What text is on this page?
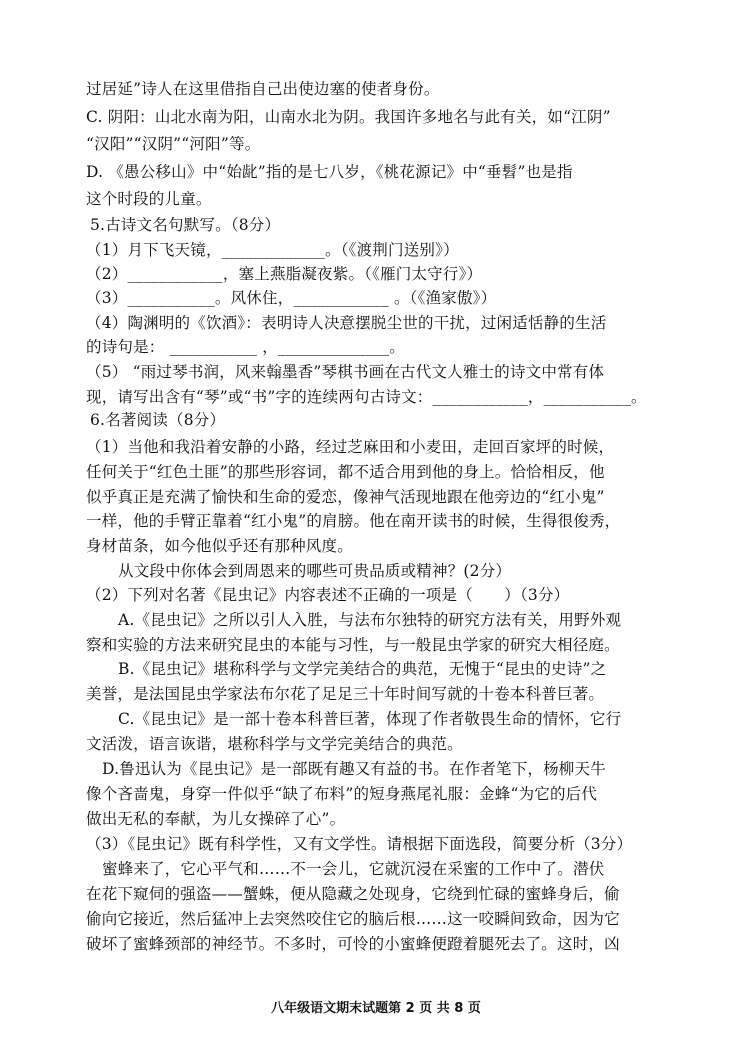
过居延”诗人在这里借指自己出使边塞的使者身份。
C. 阴阳：山北水南为阳，山南水北为阴。我国许多地名与此有关，如“江阴”
“汉阳”“汉阴”“河阳”等。
D. 《愚公移山》中“始龀”指的是七八岁，《桃花源记》中“垂髫”也是指
这个时段的儿童。
5.古诗文名句默写。（8分）
（1）月下飞天镜，_____________。（《渡荆门送别》）
（2）____________，塞上燕脂凝夜紫。（《雁门太守行》）
（3）___________。风休住，____________ 。（《渔家傲》）
（4）陶渊明的《饮酒》：表明诗人决意摆脱尘世的干扰，过闲适恬静的生活
的诗句是： ___________ ，______________。
（5） “雨过琴书润，风来翰墨香”琴棋书画在古代文人雅士的诗文中常有体
现，请写出含有“琴”或“书”字的连续两句古诗文：____________，___________。
6.名著阅读（8分）
（1）当他和我沿着安静的小路，经过芝麻田和小麦田，走回百家坪的时候，
任何关于“红色土匪”的那些形容词，都不适合用到他的身上。恰恰相反，他
似乎真正是充满了愉快和生命的爱恋，像神气活现地跟在他旁边的“红小鬼”
一样，他的手臂正靠着“红小鬼”的肩膀。他在南开读书的时候，生得很俊秀，
身材苗条，如今他似乎还有那种风度。
从文段中你体会到周恩来的哪些可贵品质或精神？(2分）
（2）下列对名著《昆虫记》内容表述不正确的一项是（　　）（3分）
A.《昆虫记》之所以引人入胜，与法布尔独特的研究方法有关，用野外观
察和实验的方法来研究昆虫的本能与习性，与一般昆虫学家的研究大相径庭。
B.《昆虫记》堪称科学与文学完美结合的典范，无愧于“昆虫的史诗”之
美誉，是法国昆虫学家法布尔花了足足三十年时间写就的十卷本科普巨著。
C.《昆虫记》是一部十卷本科普巨著，体现了作者敬畏生命的情怀，它行
文活泼，语言诙谐，堪称科学与文学完美结合的典范。
D.鲁迅认为《昆虫记》是一部既有趣又有益的书。在作者笔下，杨柳天牛
像个吝啬鬼，身穿一件似乎“缺了布料”的短身燕尾礼服：金蜂“为它的后代
做出无私的奉献，为儿女操碎了心”。
（3）《昆虫记》既有科学性，又有文学性。请根据下面选段，简要分析（3分）
蜜蜂来了，它心平气和……不一会儿，它就沉浸在采蜜的工作中了。潜伏
在花下窥伺的强盗——蟹蛛，便从隐藏之处现身，它绕到忙碌的蜜蜂身后，偷
偷向它接近，然后猛冲上去突然咬住它的脑后根……这一咬瞬间致命，因为它
破坏了蜜蜂颈部的神经节。不多时，可怜的小蜜蜂便蹬着腿死去了。这时，凶
八年级语文期末试题第 2 页 共 8 页
